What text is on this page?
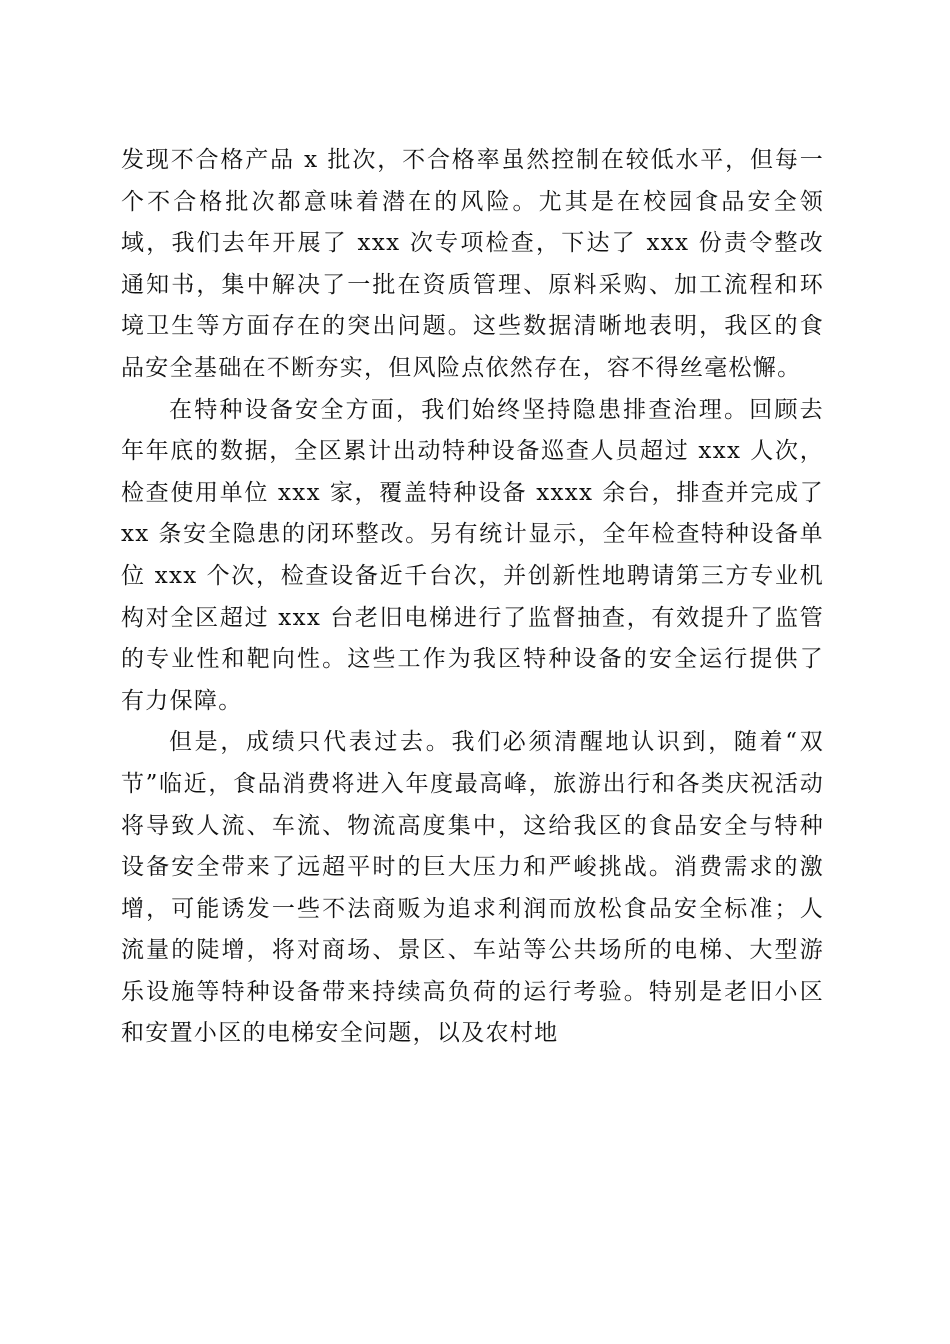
发现不合格产品 x 批次，不合格率虽然控制在较低水平，但每一个不合格批次都意味着潜在的风险。尤其是在校园食品安全领域，我们去年开展了 xxx 次专项检查，下达了 xxx 份责令整改通知书，集中解决了一批在资质管理、原料采购、加工流程和环境卫生等方面存在的突出问题。这些数据清晰地表明，我区的食品安全基础在不断夯实，但风险点依然存在，容不得丝毫松懈。

在特种设备安全方面，我们始终坚持隐患排查治理。回顾去年年底的数据，全区累计出动特种设备巡查人员超过 xxx 人次，检查使用单位 xxx 家，覆盖特种设备 xxxx 余台，排查并完成了 xx 条安全隐患的闭环整改。另有统计显示，全年检查特种设备单位 xxx 个次，检查设备近千台次，并创新性地聘请第三方专业机构对全区超过 xxx 台老旧电梯进行了监督抽查，有效提升了监管的专业性和靶向性。这些工作为我区特种设备的安全运行提供了有力保障。

但是，成绩只代表过去。我们必须清醒地认识到，随着“双节”临近，食品消费将进入年度最高峰，旅游出行和各类庆祝活动将导致人流、车流、物流高度集中，这给我区的食品安全与特种设备安全带来了远超平时的巨大压力和严峻挑战。消费需求的激增，可能诱发一些不法商贩为追求利润而放松食品安全标准；人流量的陡增，将对商场、景区、车站等公共场所的电梯、大型游乐设施等特种设备带来持续高负荷的运行考验。特别是老旧小区和安置小区的电梯安全问题，以及农村地
